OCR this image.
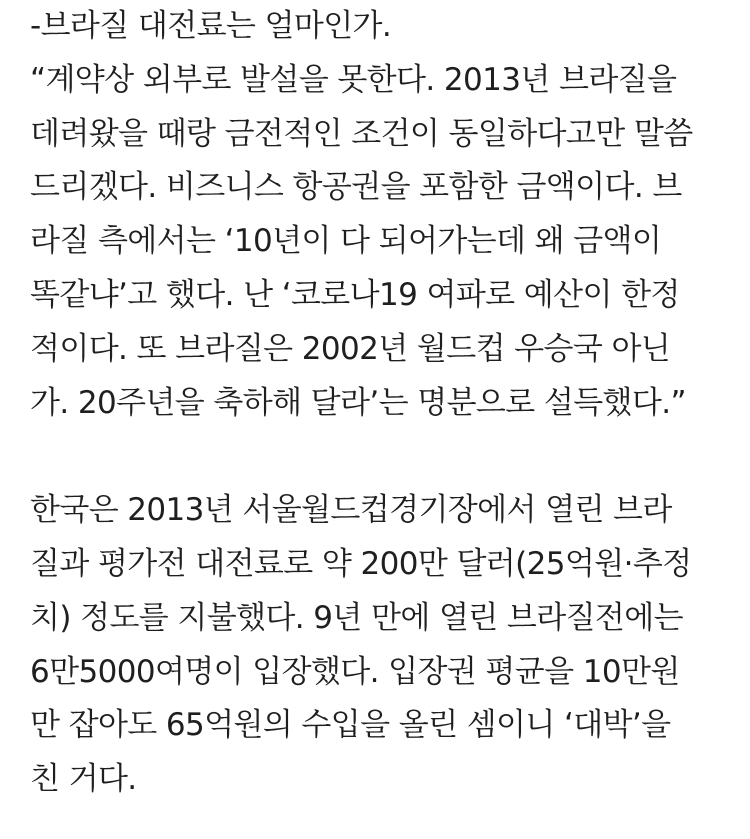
-브라질 대전료는 얼마인가.
“계약상 외부로 발설을 못한다. 2013년 브라질을
데려왔을 때랑 금전적인 조건이 동일하다고만 말씀
드리겠다. 비즈니스 항공권을 포함한 금액이다. 브
라질 측에서는 ‘10년이 다 되어가는데 왜 금액이
똑같냐’고 했다. 난 ‘코로나19 여파로 예산이 한정
적이다. 또 브라질은 2002년 월드컵 우승국 아닌
가. 20주년을 축하해 달라’는 명분으로 설득했다.”
한국은 2013년 서울월드컵경기장에서 열린 브라
질과 평가전 대전료로 약 200만 달러(25억원·추정
치) 정도를 지불했다. 9년 만에 열린 브라질전에는
6만5000여명이 입장했다. 입장권 평균을 10만원
만 잡아도 65억원의 수입을 올린 셈이니 ‘대박’을
친 거다.
